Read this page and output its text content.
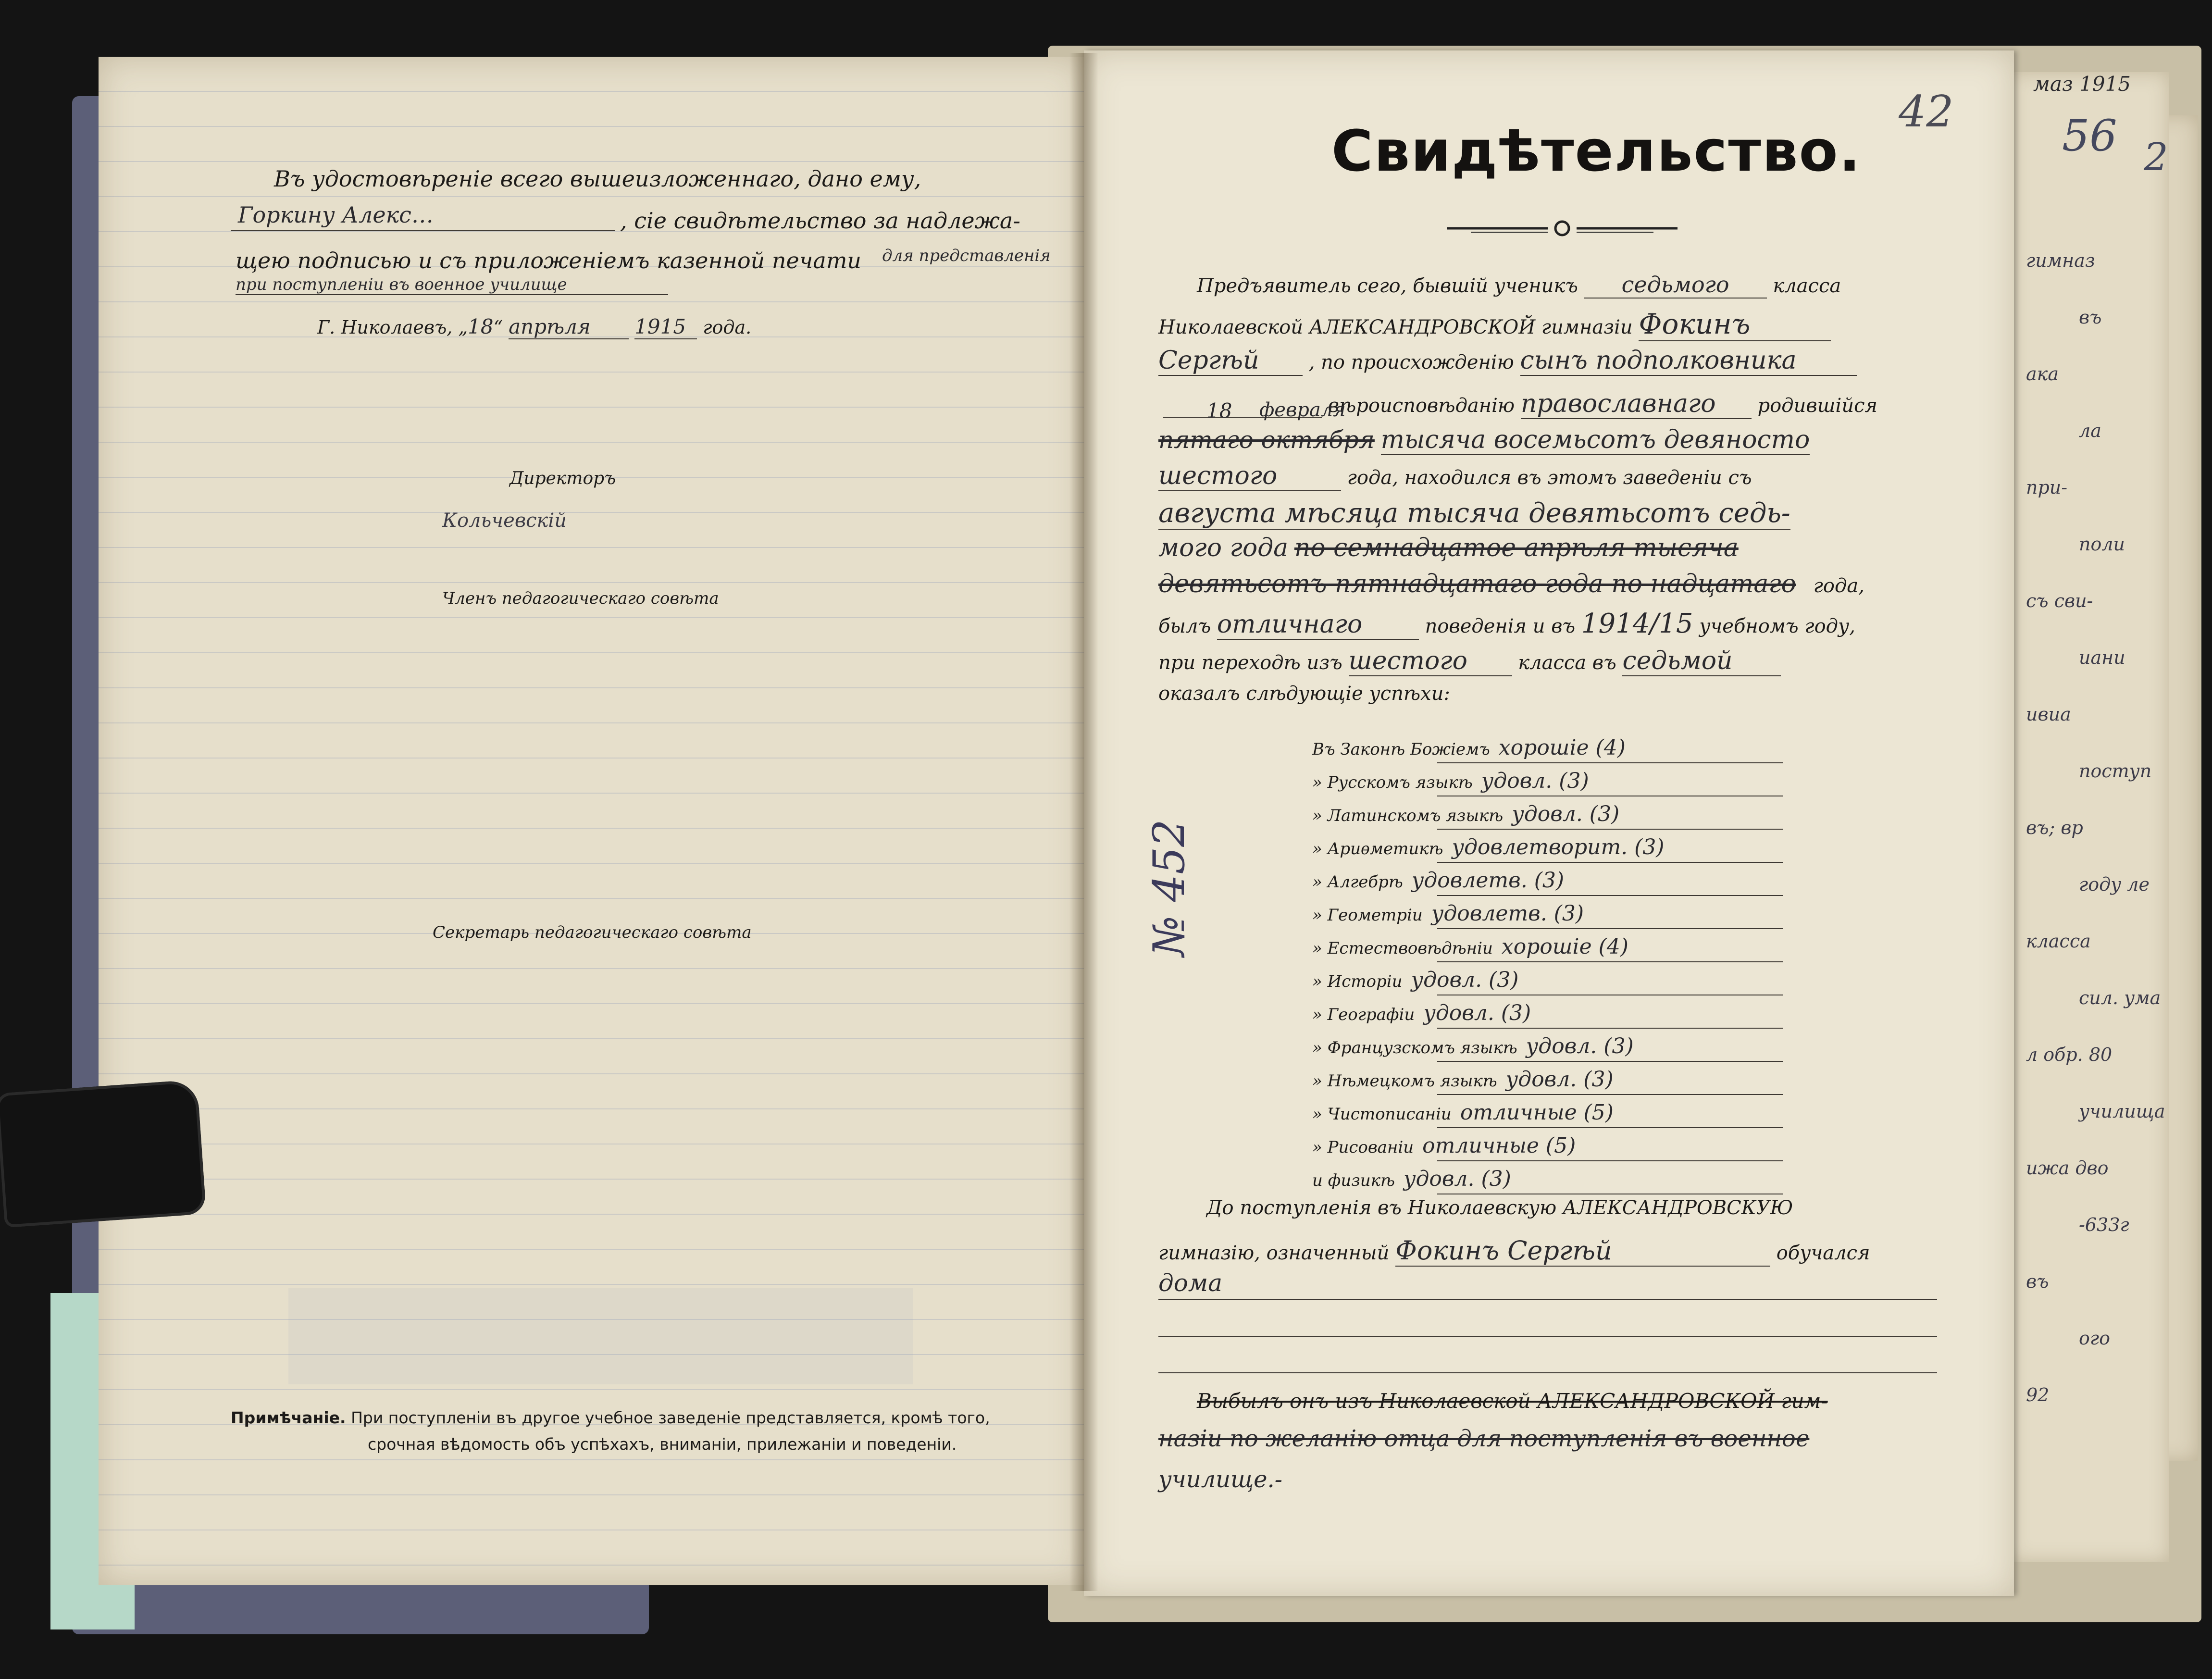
маз 1915
56 2
гимназ
въ
ака
ла
при-
поли
съ сви-
иани
ивиа
поступ
въ; вр
году ле
класса
сил. ума
л обр. 80
училища
ижа дво
-633г
въ
ого
92
Въ удостовѣреніе всего вышеизложеннаго, дано ему,
Горкину Алекс…	, сіе свидѣтельство за надлежа-
щею подписью и съ приложеніемъ казенной печати для представленія
при поступленіи въ военное училище
Г. Николаевъ, „18“ апрѣля 1915 года.
Директоръ
Кольчевскій
Членъ педагогическаго совѣта
Секретарь педагогическаго совѣта
Примѣчаніе. При поступленіи въ другое учебное заведеніе представляется, кромѣ того,
срочная вѣдомость объ успѣхахъ, вниманіи, прилежаніи и поведеніи.
42
Свидѣтельство.
Предъявитель сего, бывшій ученикъ седьмого класса
Николаевской АЛЕКСАНДРОВСКОЙ гимназіи Фокинъ
Сергѣй	, по происхожденію сынъ подполковника
вѣроисповѣданію православнаго родившійся
18 февраля
пятаго октября тысяча восемьсотъ девяносто
шестого	года, находился въ этомъ заведеніи съ
августа мѣсяца тысяча девятьсотъ седь-
мого года по семнадцатое апрѣля тысяча
девятьсотъ пятнадцатаго года по надцатаго года,
былъ отличнаго	поведенія и въ 1914/15 учебномъ году,
при переходѣ изъ шестого	класса въ седьмой
оказалъ слѣдующіе успѣхи:
Въ Законѣ Божіемъ хорошіе (4)
» Русскомъ языкѣ удовл. (3)
» Латинскомъ языкѣ удовл. (3)
» Ариѳметикѣ удовлетворит. (3)
» Алгебрѣ удовлетв. (3)
» Геометріи удовлетв. (3)
» Естествовѣдѣніи хорошіе (4)
» Исторіи удовл. (3)
» Географіи удовл. (3)
» Французскомъ языкѣ удовл. (3)
» Нѣмецкомъ языкѣ удовл. (3)
» Чистописаніи отличные (5)
» Рисованіи отличные (5)
и физикѣ удовл. (3)
№ 452
До поступленія въ Николаевскую АЛЕКСАНДРОВСКУЮ
гимназію, означенный Фокинъ Сергѣй	обучался
дома
Выбылъ онъ изъ Николаевской АЛЕКСАНДРОВСКОЙ гим-
назіи по желанію отца для поступленія въ военное
училище.-
